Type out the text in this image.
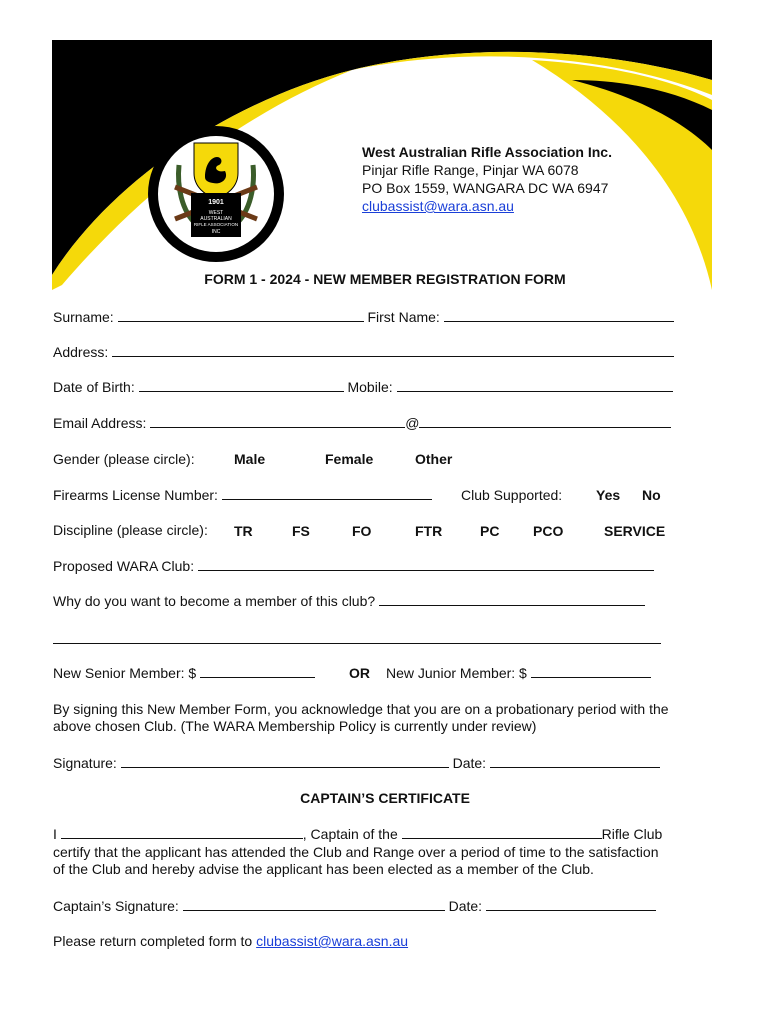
1901
WEST
AUSTRALIAN
RIFLE ASSOCIATION
INC
West Australian Rifle Association Inc.
Pinjar Rifle Range, Pinjar WA 6078
PO Box 1559, WANGARA DC WA 6947
clubassist@wara.asn.au
FORM 1 - 2024 - NEW MEMBER REGISTRATION FORM
Surname:	First Name:
Address:
Date of Birth:	Mobile:
Email Address:	@
Gender (please circle):	Male	Female	Other
Firearms License Number:	Club Supported: Yes No
Discipline (please circle): TR	FS	FO	FTR	PC PCO	SERVICE
Proposed WARA Club:
Why do you want to become a member of this club?
New Senior Member: $	OR New Junior Member: $
By signing this New Member Form, you acknowledge that you are on a probationary period with the above chosen Club. (The WARA Membership Policy is currently under review)
Signature:	Date:
CAPTAIN’S CERTIFICATE
I	, Captain of the	Rifle Club
certify that the applicant has attended the Club and Range over a period of time to the satisfaction
of the Club and hereby advise the applicant has been elected as a member of the Club.
Captain’s Signature:	Date:
Please return completed form to clubassist@wara.asn.au
